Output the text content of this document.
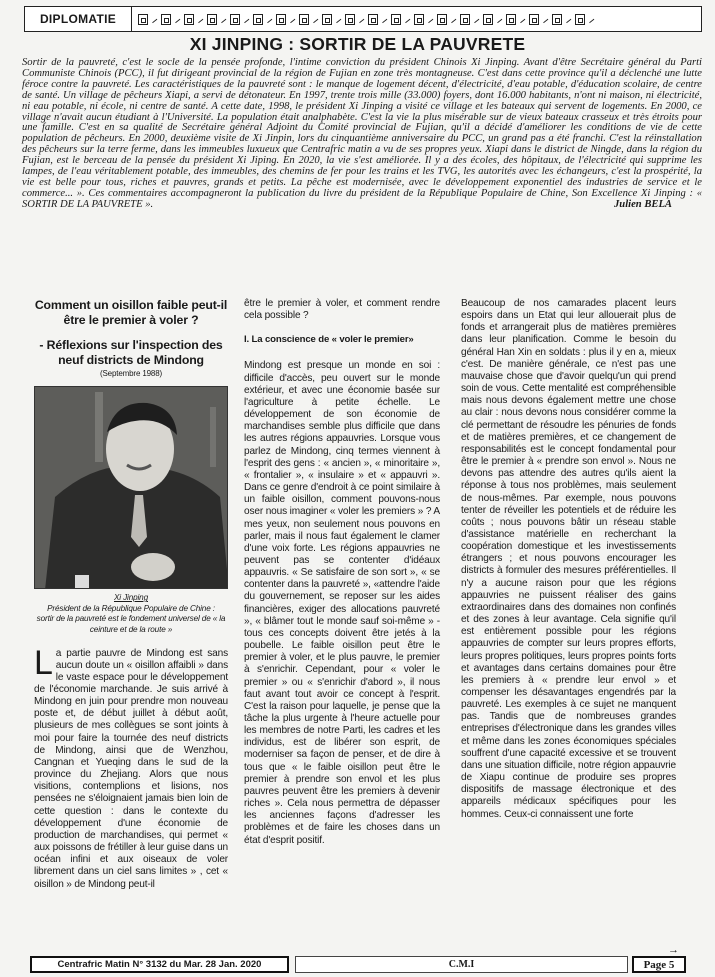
DIPLOMATIE	⸝	⸝	⸝	⸝	⸝	⸝	⸝	⸝	⸝	⸝	⸝	⸝	⸝	⸝	⸝	⸝	⸝	⸝	⸝	⸝
XI JINPING : SORTIR DE LA PAUVRETE
Sortir de la pauvreté, c'est le socle de la pensée profonde, l'intime conviction du président Chinois Xi Jinping. Avant d'être Secrétaire général du Parti Communiste Chinois (PCC), il fut dirigeant provincial de la région de Fujian en zone très montagneuse. C'est dans cette province qu'il a déclenché une lutte féroce contre la pauvreté. Les caractéristiques de la pauvreté sont : le manque de logement décent, d'électricité, d'eau potable, d'éducation scolaire, de centre de santé. Un village de pêcheurs Xiapi, a servi de détonateur. En 1997, trente trois mille (33.000) foyers, dont 16.000 habitants, n'ont ni maison, ni électricité, ni eau potable, ni école, ni centre de santé. A cette date, 1998, le président Xi Jinping a visité ce village et les bateaux qui servent de logements. En 2000, ce village n'avait aucun étudiant à l'Université. La population était analphabète. C'est la vie la plus misérable sur de vieux bateaux crasseux et très étroits pour une famille. C'est en sa qualité de Secrétaire général Adjoint du Comité provincial de Fujian, qu'il a décidé d'améliorer les conditions de vie de cette population de pêcheurs. En 2000, deuxième visite de Xi Jinpin, lors du cinquantième anniversaire du PCC, un grand pas a été franchi. C'est la réinstallation des pêcheurs sur la terre ferme, dans les immeubles luxueux que Centrafric matin a vu de ses propres yeux. Xiapi dans le district de Ningde, dans la région du Fujian, est le berceau de la pensée du président Xi Jiping. En 2020, la vie s'est améliorée. Il y a des écoles, des hôpitaux, de l'électricité qui supprime les lampes, de l'eau véritablement potable, des immeubles, des chemins de fer pour les trains et les TVG, les autorités avec les échangeurs, c'est la prospérité, la vie est belle pour tous, riches et pauvres, grands et petits. La pêche est modernisée, avec le développement exponentiel des industries de service et le commerce... ». Ces commentaires accompagneront la publication du livre du président de la République Populaire de Chine, Son Excellence Xi Jinping : « SORTIR DE LA PAUVRETE ».	Julien BELA
Comment un oisillon faible peut-il être le premier à voler ?
- Réflexions sur l'inspection des neuf districts de Mindong
(Septembre 1988)
Xi Jinping
Président de la République Populaire de Chine :
sortir de la pauvreté est le fondement universel de « la ceinture et de la route »
La partie pauvre de Mindong est sans aucun doute un « oisillon affaibli » dans le vaste espace pour le développement de l'économie marchande. Je suis arrivé à Mindong en juin pour prendre mon nouveau poste et, de début juillet à début août, plusieurs de mes collègues se sont joints à moi pour faire la tournée des neuf districts de Mindong, ainsi que de Wenzhou, Cangnan et Yueqing dans le sud de la province du Zhejiang. Alors que nous visitions, contemplions et lisions, nos pensées ne s'éloignaient jamais bien loin de cette question : dans le contexte du développement d'une économie de production de marchandises, qui permet « aux poissons de frétiller à leur guise dans un océan infini et aux oiseaux de voler librement dans un ciel sans limites » , cet « oisillon » de Mindong peut-il
être le premier à voler, et comment rendre cela possible ?
I. La conscience de « voler le premier»
Mindong est presque un monde en soi : difficile d'accès, peu ouvert sur le monde extérieur, et avec une économie basée sur l'agriculture à petite échelle. Le développement de son économie de marchandises semble plus difficile que dans les autres régions appauvries. Lorsque vous parlez de Mindong, cinq termes viennent à l'esprit des gens : « ancien », « minoritaire », « frontalier », « insulaire » et « appauvri ». Dans ce genre d'endroit à ce point similaire à un faible oisillon, comment pouvons-nous oser nous imaginer « voler les premiers » ? A mes yeux, non seulement nous pouvons en parler, mais il nous faut également le clamer d'une voix forte. Les régions appauvries ne peuvent pas se contenter d'idéaux appauvris. « Se satisfaire de son sort », « se contenter dans la pauvreté », «attendre l'aide du gouvernement, se reposer sur les aides financières, exiger des allocations pauvreté », « blâmer tout le monde sauf soi-même » - tous ces concepts doivent être jetés à la poubelle. Le faible oisillon peut être le premier à voler, et le plus pauvre, le premier à s'enrichir. Cependant, pour « voler le premier » ou « s'enrichir d'abord », il nous faut avant tout avoir ce concept à l'esprit. C'est la raison pour laquelle, je pense que la tâche la plus urgente à l'heure actuelle pour les membres de notre Parti, les cadres et les individus, est de libérer son esprit, de moderniser sa façon de penser, et de dire à tous que « le faible oisillon peut être le premier à prendre son envol et les plus pauvres peuvent être les premiers à devenir riches ». Cela nous permettra de dépasser les anciennes façons d'adresser les problèmes et de faire les choses dans un état d'esprit positif.
Beaucoup de nos camarades placent leurs espoirs dans un Etat qui leur allouerait plus de fonds et arrangerait plus de matières premières dans leur planification. Comme le besoin du général Han Xin en soldats : plus il y en a, mieux c'est. De manière générale, ce n'est pas une mauvaise chose que d'avoir quelqu'un qui prend soin de vous. Cette mentalité est compréhensible mais nous devons également mettre une chose au clair : nous devons nous considérer comme la clé permettant de résoudre les pénuries de fonds et de matières premières, et ce changement de responsabilités est le concept fondamental pour être le premier à « prendre son envol ». Nous ne devons pas attendre des autres qu'ils aient la réponse à tous nos problèmes, mais seulement de nous-mêmes. Par exemple, nous pouvons tenter de réveiller les potentiels et de réduire les coûts ; nous pouvons bâtir un réseau stable d'assistance matérielle en recherchant la coopération domestique et les investissements étrangers ; et nous pouvons encourager les districts à formuler des mesures préférentielles. Il n'y a aucune raison pour que les régions appauvries ne puissent réaliser des gains extraordinaires dans des domaines non confinés et des zones à leur avantage. Cela signifie qu'il est entièrement possible pour les régions appauvries de compter sur leurs propres efforts, leurs propres politiques, leurs propres points forts et avantages dans certains domaines pour être les premiers à « prendre leur envol » et compenser les désavantages engendrés par la pauvreté. Les exemples à ce sujet ne manquent pas. Tandis que de nombreuses grandes entreprises d'électronique dans les grandes villes et même dans les zones économiques spéciales souffrent d'une capacité excessive et se trouvent dans une situation difficile, notre région appauvrie de Xiapu continue de produire ses propres dispositifs de massage électronique et des appareils médicaux spécifiques pour les hommes. Ceux-ci connaissent une forte
→
Centrafric Matin N° 3132 du Mar. 28 Jan. 2020	C.M.I	Page 5
